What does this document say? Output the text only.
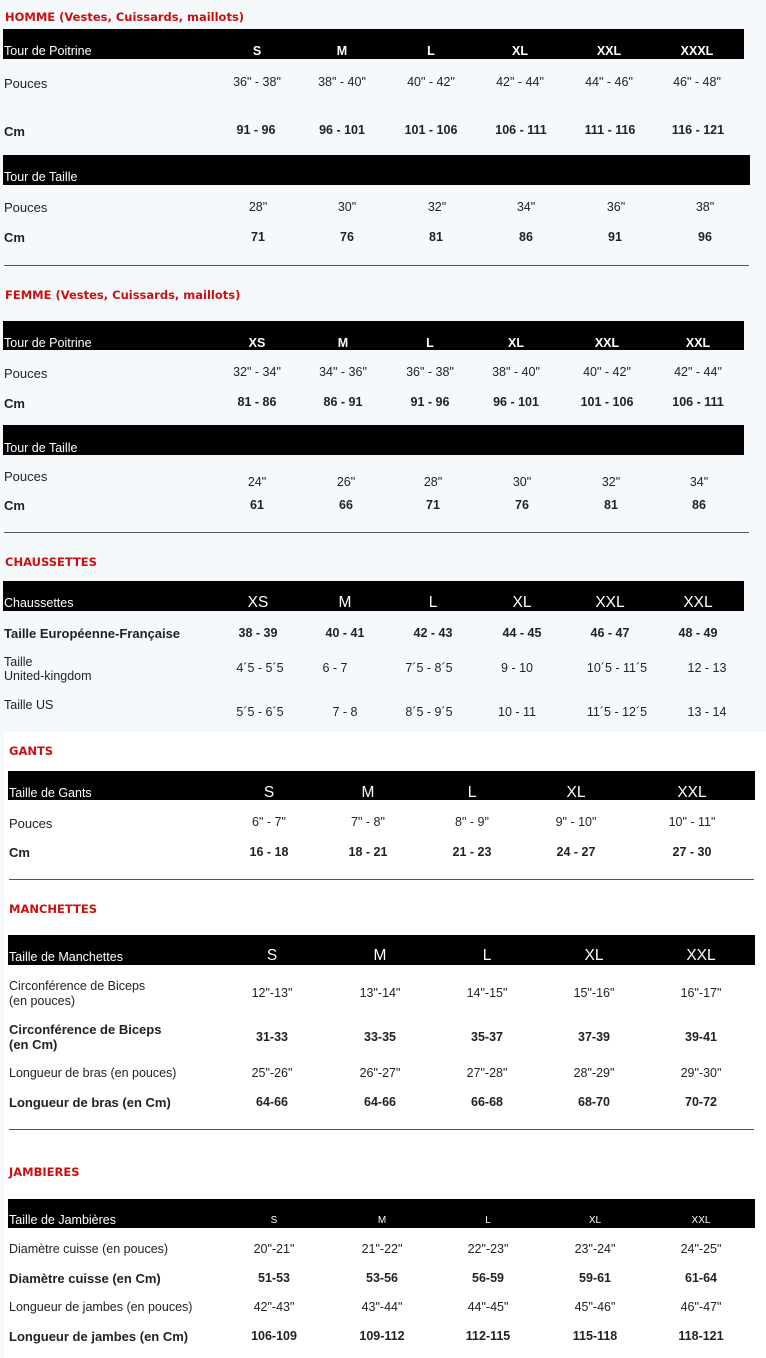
HOMME (Vestes, Cuissards, maillots)
Tour de Poitrine	S	M	L	XL	XXL	XXXL
Pouces	36" - 38"	38" - 40"	40" - 42"	42" - 44"	44" - 46"	46" - 48"
Cm	91 - 96	96 - 101	101 - 106	106 - 111	111 - 116	116 - 121
Tour de Taille
Pouces	28"	30"	32"	34"	36"	38"
Cm	71	76	81	86	91	96
FEMME (Vestes, Cuissards, maillots)
Tour de Poitrine	XS	M	L	XL	XXL	XXL
Pouces	32" - 34"	34" - 36"	36" - 38"	38" - 40"	40" - 42"	42" - 44"
Cm	81 - 86	86 - 91	91 - 96	96 - 101	101 - 106	106 - 111
Tour de Taille
Pouces	24"	26"	28"	30"	32"	34"
Cm	61	66	71	76	81	86
CHAUSSETTES
Chaussettes	XS	M	L	XL	XXL	XXL
Taille Européenne-Française	38 - 39	40 - 41	42 - 43	44 - 45	46 - 47	48 - 49
Taille
United-kingdom
4´5 - 5´5	6 - 7	7´5 - 8´5	9 - 10	10´5 - 11´5	12 - 13
Taille US	5´5 - 6´5	7 - 8	8´5 - 9´5	10 - 11	11´5 - 12´5	13 - 14
GANTS
Taille de Gants	S	M	L	XL	XXL
Pouces	6" - 7"	7" - 8"	8" - 9"	9" - 10"	10" - 11"
Cm	16 - 18	18 - 21	21 - 23	24 - 27	27 - 30
MANCHETTES
Taille de Manchettes	S	M	L	XL	XXL
Circonférence de Biceps
(en pouces)
12"-13"	13"-14"	14"-15"	15"-16"	16"-17"
Circonférence de Biceps
(en Cm)	31-33	33-35	35-37	37-39	39-41
Longueur de bras (en pouces)	25"-26"	26"-27"	27"-28"	28"-29"	29"-30"
Longueur de bras (en Cm)	64-66	64-66	66-68	68-70	70-72
JAMBIERES
Taille de Jambières	S	M	L	XL	XXL
Diamètre cuisse (en pouces)	20"-21"	21"-22"	22"-23"	23"-24"	24"-25"
Diamètre cuisse (en Cm)	51-53	53-56	56-59	59-61	61-64
Longueur de jambes (en pouces)	42"-43"	43"-44"	44"-45"	45"-46"	46"-47"
Longueur de jambes (en Cm)	106-109	109-112	112-115	115-118	118-121
